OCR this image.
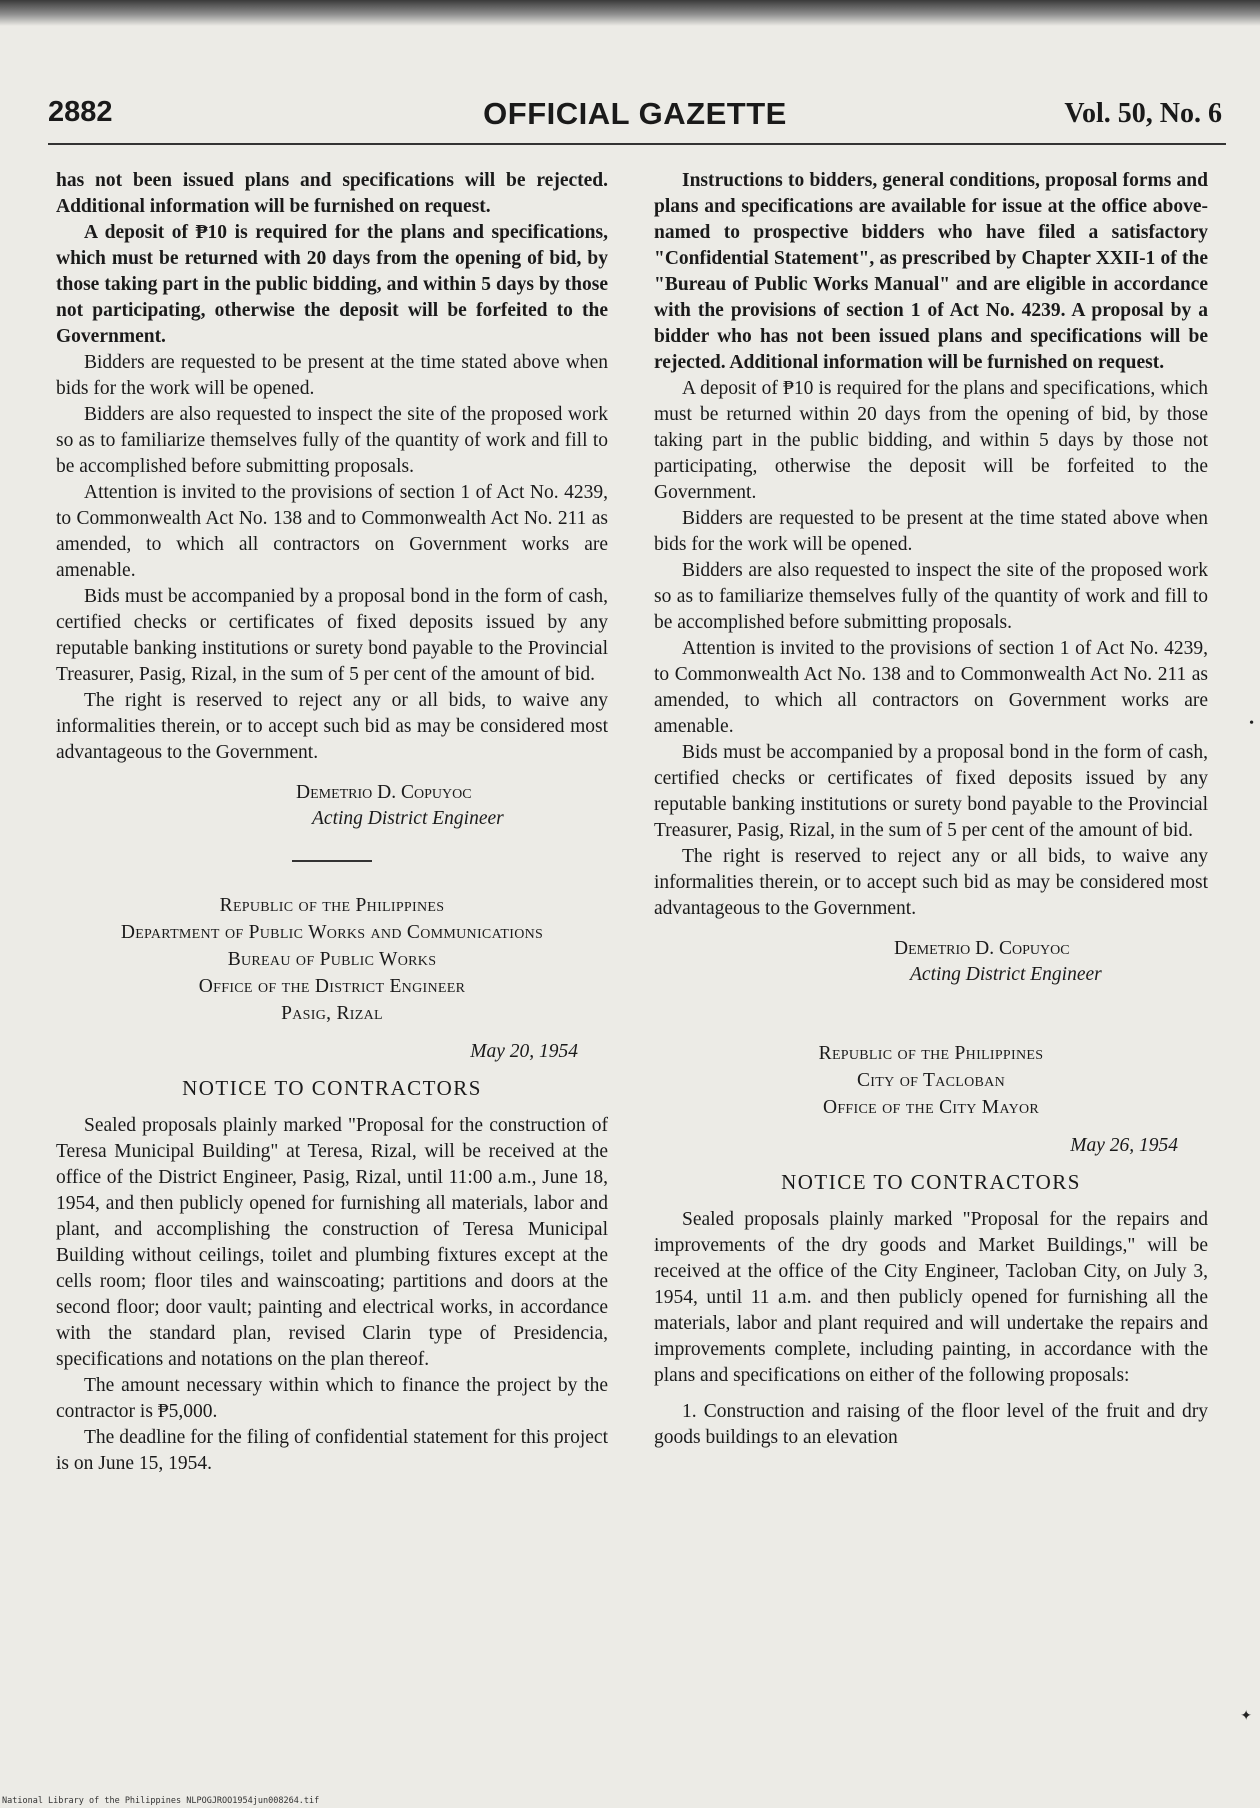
2882	OFFICIAL GAZETTE	Vol. 50, No. 6

has not been issued plans and specifications will be rejected. Additional information will be furnished on request.

A deposit of ₱10 is required for the plans and specifications, which must be returned with 20 days from the opening of bid, by those taking part in the public bidding, and within 5 days by those not participating, otherwise the deposit will be forfeited to the Government.

Bidders are requested to be present at the time stated above when bids for the work will be opened.

Bidders are also requested to inspect the site of the proposed work so as to familiarize themselves fully of the quantity of work and fill to be accomplished before submitting proposals.

Attention is invited to the provisions of section 1 of Act No. 4239, to Commonwealth Act No. 138 and to Commonwealth Act No. 211 as amended, to which all contractors on Government works are amenable.

Bids must be accompanied by a proposal bond in the form of cash, certified checks or certificates of fixed deposits issued by any reputable banking institutions or surety bond payable to the Provincial Treasurer, Pasig, Rizal, in the sum of 5 per cent of the amount of bid.

The right is reserved to reject any or all bids, to waive any informalities therein, or to accept such bid as may be considered most advantageous to the Government.

Demetrio D. Copuyoc
Acting District Engineer
Republic of the Philippines
Department of Public Works and Communications
Bureau of Public Works
Office of the District Engineer
Pasig, Rizal
May 20, 1954
NOTICE TO CONTRACTORS

Sealed proposals plainly marked "Proposal for the construction of Teresa Municipal Building" at Teresa, Rizal, will be received at the office of the District Engineer, Pasig, Rizal, until 11:00 a.m., June 18, 1954, and then publicly opened for furnishing all materials, labor and plant, and accomplishing the construction of Teresa Municipal Building without ceilings, toilet and plumbing fixtures except at the cells room; floor tiles and wainscoating; partitions and doors at the second floor; door vault; painting and electrical works, in accordance with the standard plan, revised Clarin type of Presidencia, specifications and notations on the plan thereof.

The amount necessary within which to finance the project by the contractor is ₱5,000.

The deadline for the filing of confidential statement for this project is on June 15, 1954.

Instructions to bidders, general conditions, proposal forms and plans and specifications are available for issue at the office above-named to prospective bidders who have filed a satisfactory "Confidential Statement", as prescribed by Chapter XXII-1 of the "Bureau of Public Works Manual" and are eligible in accordance with the provisions of section 1 of Act No. 4239. A proposal by a bidder who has not been issued plans and specifications will be rejected. Additional information will be furnished on request.

A deposit of ₱10 is required for the plans and specifications, which must be returned within 20 days from the opening of bid, by those taking part in the public bidding, and within 5 days by those not participating, otherwise the deposit will be forfeited to the Government.

Bidders are requested to be present at the time stated above when bids for the work will be opened.

Bidders are also requested to inspect the site of the proposed work so as to familiarize themselves fully of the quantity of work and fill to be accomplished before submitting proposals.

Attention is invited to the provisions of section 1 of Act No. 4239, to Commonwealth Act No. 138 and to Commonwealth Act No. 211 as amended, to which all contractors on Government works are amenable.

Bids must be accompanied by a proposal bond in the form of cash, certified checks or certificates of fixed deposits issued by any reputable banking institutions or surety bond payable to the Provincial Treasurer, Pasig, Rizal, in the sum of 5 per cent of the amount of bid.

The right is reserved to reject any or all bids, to waive any informalities therein, or to accept such bid as may be considered most advantageous to the Government.

Demetrio D. Copuyoc
Acting District Engineer
Republic of the Philippines
City of Tacloban
Office of the City Mayor
May 26, 1954
NOTICE TO CONTRACTORS

Sealed proposals plainly marked "Proposal for the repairs and improvements of the dry goods and Market Buildings," will be received at the office of the City Engineer, Tacloban City, on July 3, 1954, until 11 a.m. and then publicly opened for furnishing all the materials, labor and plant required and will undertake the repairs and improvements complete, including painting, in accordance with the plans and specifications on either of the following proposals:

1. Construction and raising of the floor level of the fruit and dry goods buildings to an elevation

•
✦
National Library of the Philippines NLPOGJROO1954jun008264.tif
